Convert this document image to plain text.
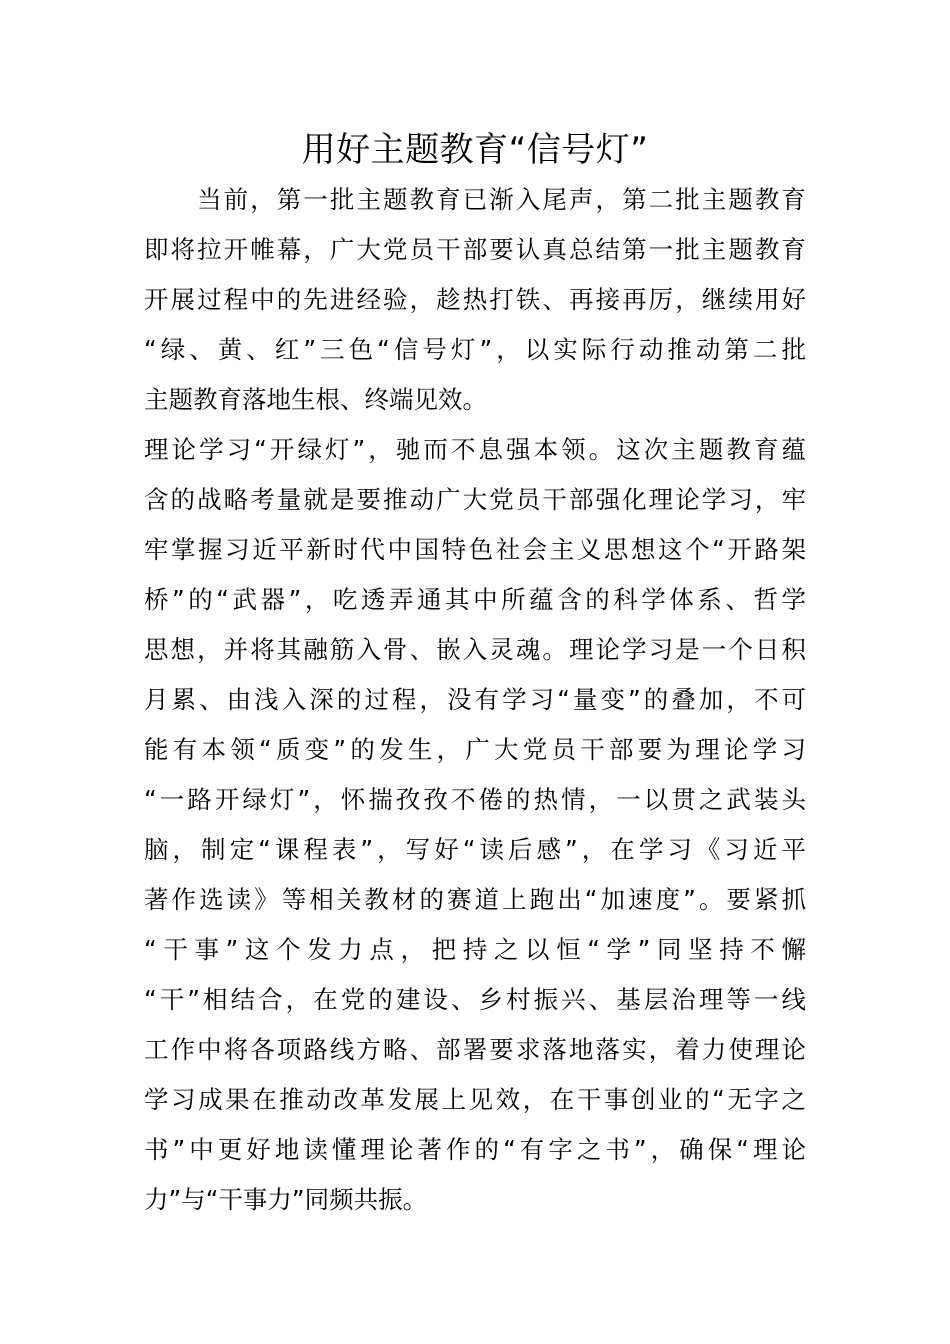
用好主题教育“信号灯”
　　当前，第一批主题教育已渐入尾声，第二批主题教育
即将拉开帷幕，广大党员干部要认真总结第一批主题教育
开展过程中的先进经验，趁热打铁、再接再厉，继续用好
“绿、黄、红”三色“信号灯”，以实际行动推动第二批
主题教育落地生根、终端见效。
理论学习“开绿灯”，驰而不息强本领。这次主题教育蕴
含的战略考量就是要推动广大党员干部强化理论学习，牢
牢掌握习近平新时代中国特色社会主义思想这个“开路架
桥”的“武器”，吃透弄通其中所蕴含的科学体系、哲学
思想，并将其融筋入骨、嵌入灵魂。理论学习是一个日积
月累、由浅入深的过程，没有学习“量变”的叠加，不可
能有本领“质变”的发生，广大党员干部要为理论学习
“一路开绿灯”，怀揣孜孜不倦的热情，一以贯之武装头
脑，制定“课程表”，写好“读后感”，在学习《习近平
著作选读》等相关教材的赛道上跑出“加速度”。要紧抓
“干事”这个发力点，把持之以恒“学”同坚持不懈
“干”相结合，在党的建设、乡村振兴、基层治理等一线
工作中将各项路线方略、部署要求落地落实，着力使理论
学习成果在推动改革发展上见效，在干事创业的“无字之
书”中更好地读懂理论著作的“有字之书”，确保“理论
力”与“干事力”同频共振。
